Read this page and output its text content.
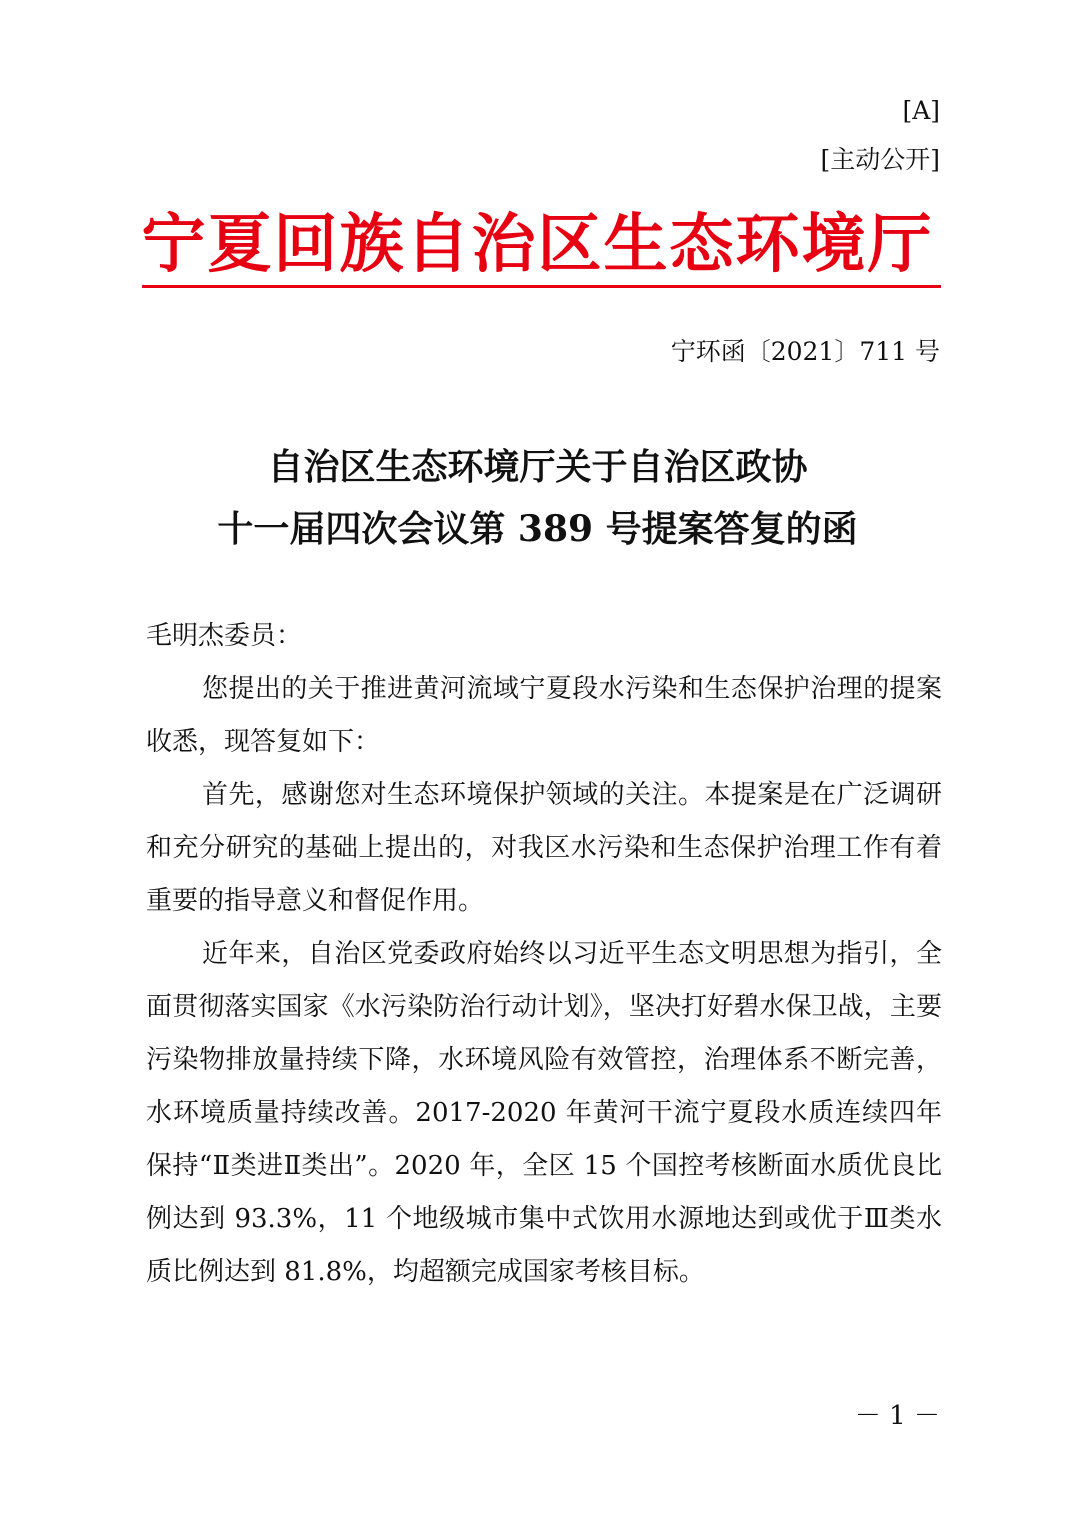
[A]
[主动公开]
宁夏回族自治区生态环境厅
宁环函〔2021〕711 号
自治区生态环境厅关于自治区政协
十一届四次会议第 389 号提案答复的函
毛明杰委员：

您提出的关于推进黄河流域宁夏段水污染和生态保护治理的提案收悉，现答复如下：

首先，感谢您对生态环境保护领域的关注。本提案是在广泛调研和充分研究的基础上提出的，对我区水污染和生态保护治理工作有着重要的指导意义和督促作用。

近年来，自治区党委政府始终以习近平生态文明思想为指引，全面贯彻落实国家《水污染防治行动计划》，坚决打好碧水保卫战，主要污染物排放量持续下降，水环境风险有效管控，治理体系不断完善，水环境质量持续改善。2017-2020 年黄河干流宁夏段水质连续四年保持“Ⅱ类进Ⅱ类出”。2020 年，全区 15 个国控考核断面水质优良比例达到 93.3%，11 个地级城市集中式饮用水源地达到或优于Ⅲ类水质比例达到 81.8%，均超额完成国家考核目标。

－ 1 －
